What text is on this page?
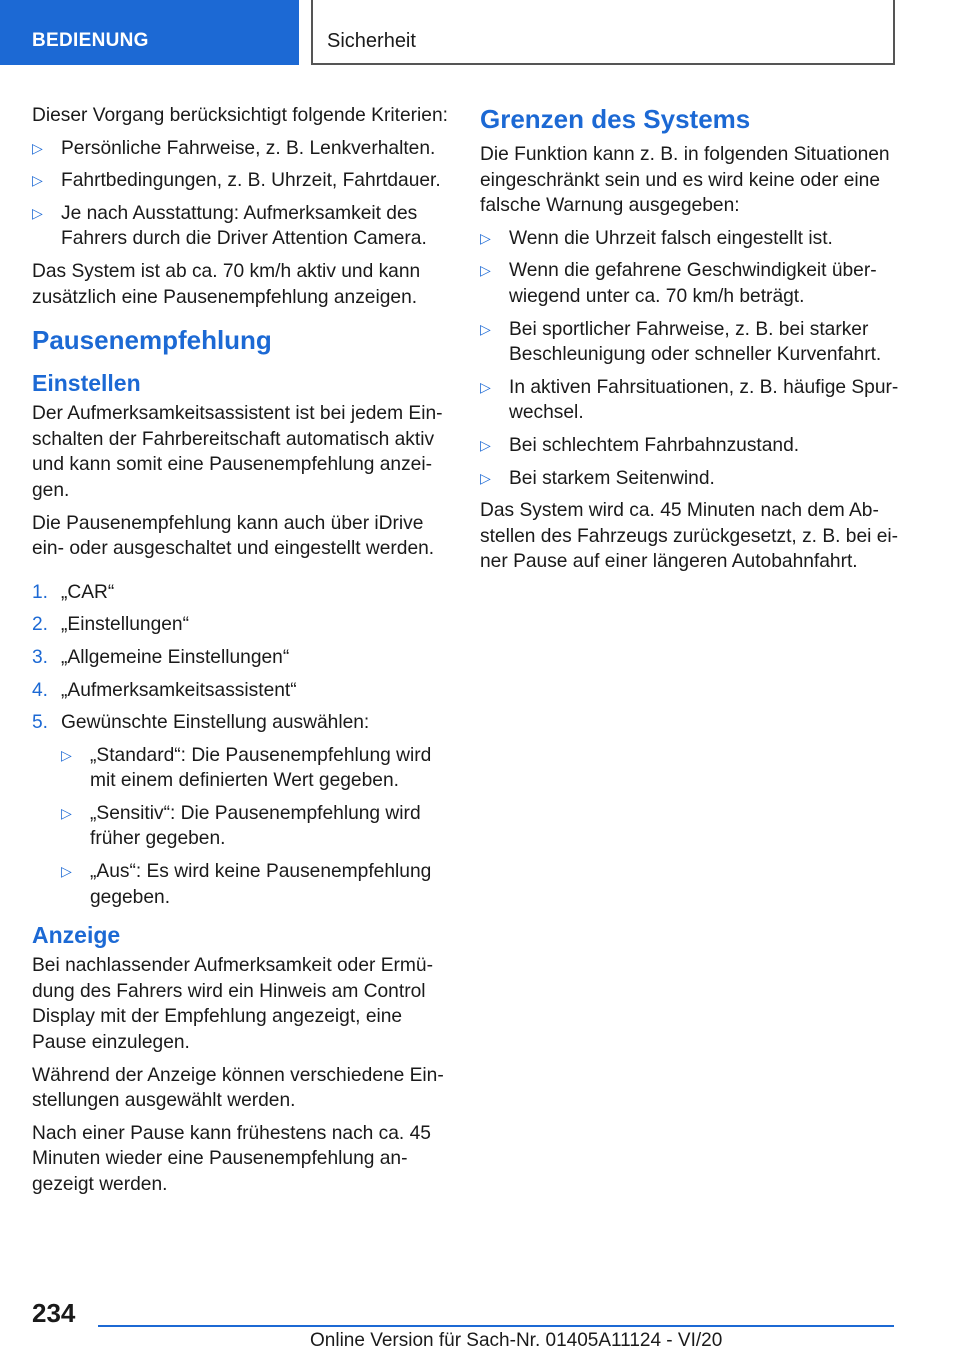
BEDIENUNG	Sicherheit

Dieser Vorgang berücksichtigt folgende Kriterien:

▷ Persönliche Fahrweise, z. B. Lenkverhalten.
▷ Fahrtbedingungen, z. B. Uhrzeit, Fahrtdauer.
▷ Je nach Ausstattung: Aufmerksamkeit des Fahrers durch die Driver Attention Camera.

Das System ist ab ca. 70 km/h aktiv und kann zusätzlich eine Pausenempfehlung anzeigen.

Pausenempfehlung
Einstellen

Der Aufmerksamkeitsassistent ist bei jedem Einschalten der Fahrbereitschaft automatisch aktiv und kann somit eine Pausenempfehlung anzeigen.

Die Pausenempfehlung kann auch über iDrive ein- oder ausgeschaltet und eingestellt werden.

1. „CAR“
2. „Einstellungen“
3. „Allgemeine Einstellungen“
4. „Aufmerksamkeitsassistent“
5. Gewünschte Einstellung auswählen:
▷ „Standard“: Die Pausenempfehlung wird mit einem definierten Wert gegeben.
▷ „Sensitiv“: Die Pausenempfehlung wird früher gegeben.
▷ „Aus“: Es wird keine Pausenempfehlung gegeben.
Anzeige

Bei nachlassender Aufmerksamkeit oder Ermüdung des Fahrers wird ein Hinweis am Control Display mit der Empfehlung angezeigt, eine Pause einzulegen.

Während der Anzeige können verschiedene Einstellungen ausgewählt werden.

Nach einer Pause kann frühestens nach ca. 45 Minuten wieder eine Pausenempfehlung angezeigt werden.

Grenzen des Systems

Die Funktion kann z. B. in folgenden Situationen eingeschränkt sein und es wird keine oder eine falsche Warnung ausgegeben:

▷ Wenn die Uhrzeit falsch eingestellt ist.
▷ Wenn die gefahrene Geschwindigkeit überwiegend unter ca. 70 km/h beträgt.
▷ Bei sportlicher Fahrweise, z. B. bei starker Beschleunigung oder schneller Kurvenfahrt.
▷ In aktiven Fahrsituationen, z. B. häufige Spurwechsel.
▷ Bei schlechtem Fahrbahnzustand.
▷ Bei starkem Seitenwind.

Das System wird ca. 45 Minuten nach dem Abstellen des Fahrzeugs zurückgesetzt, z. B. bei einer Pause auf einer längeren Autobahnfahrt.

234
Online Version für Sach-Nr. 01405A11124 - VI/20
